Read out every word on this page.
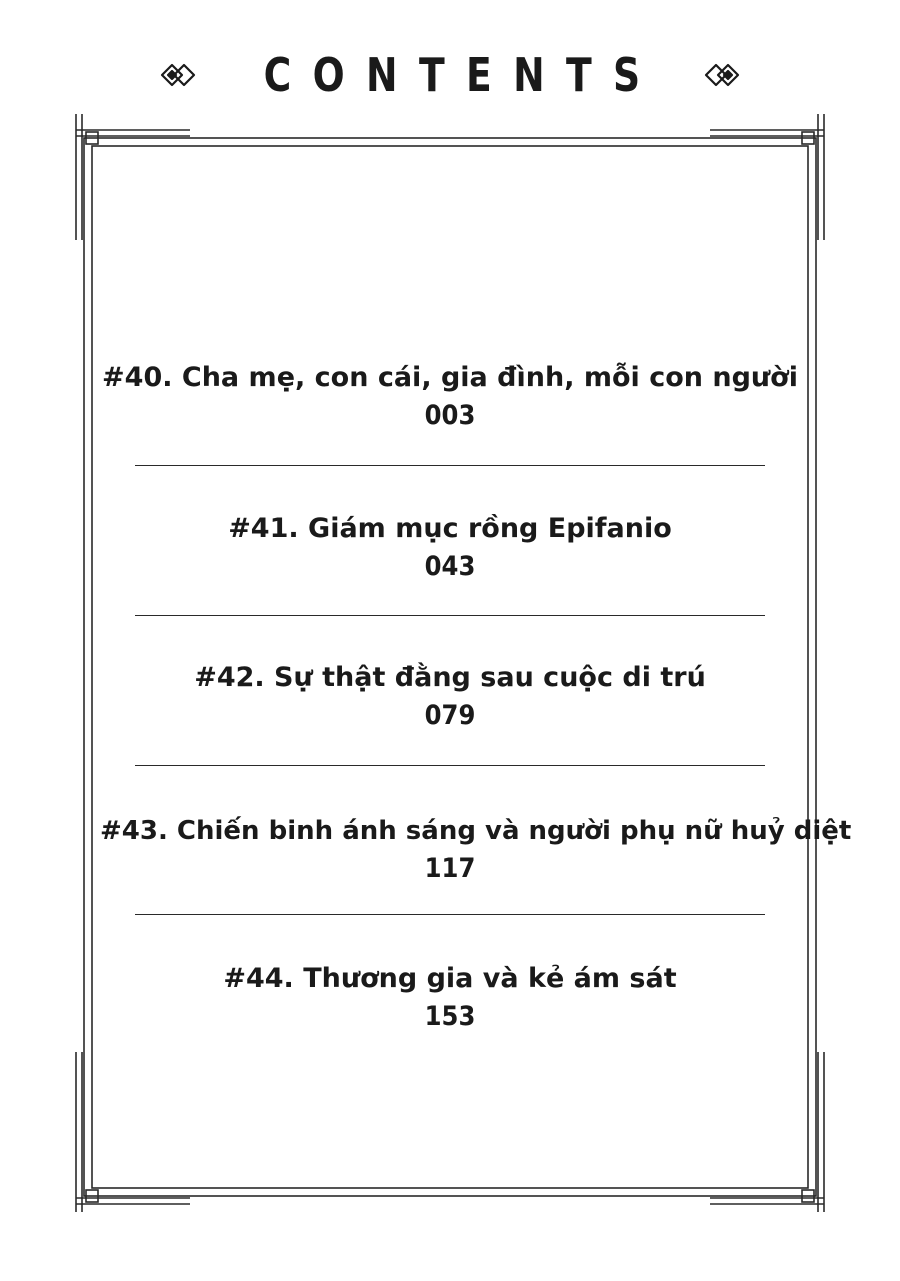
CONTENTS
#40. Cha mẹ, con cái, gia đình, mỗi con người
003
#41. Giám mục rồng Epifanio
043
#42. Sự thật đằng sau cuộc di trú
079
#43. Chiến binh ánh sáng và người phụ nữ huỷ diệt
117
#44. Thương gia và kẻ ám sát
153
